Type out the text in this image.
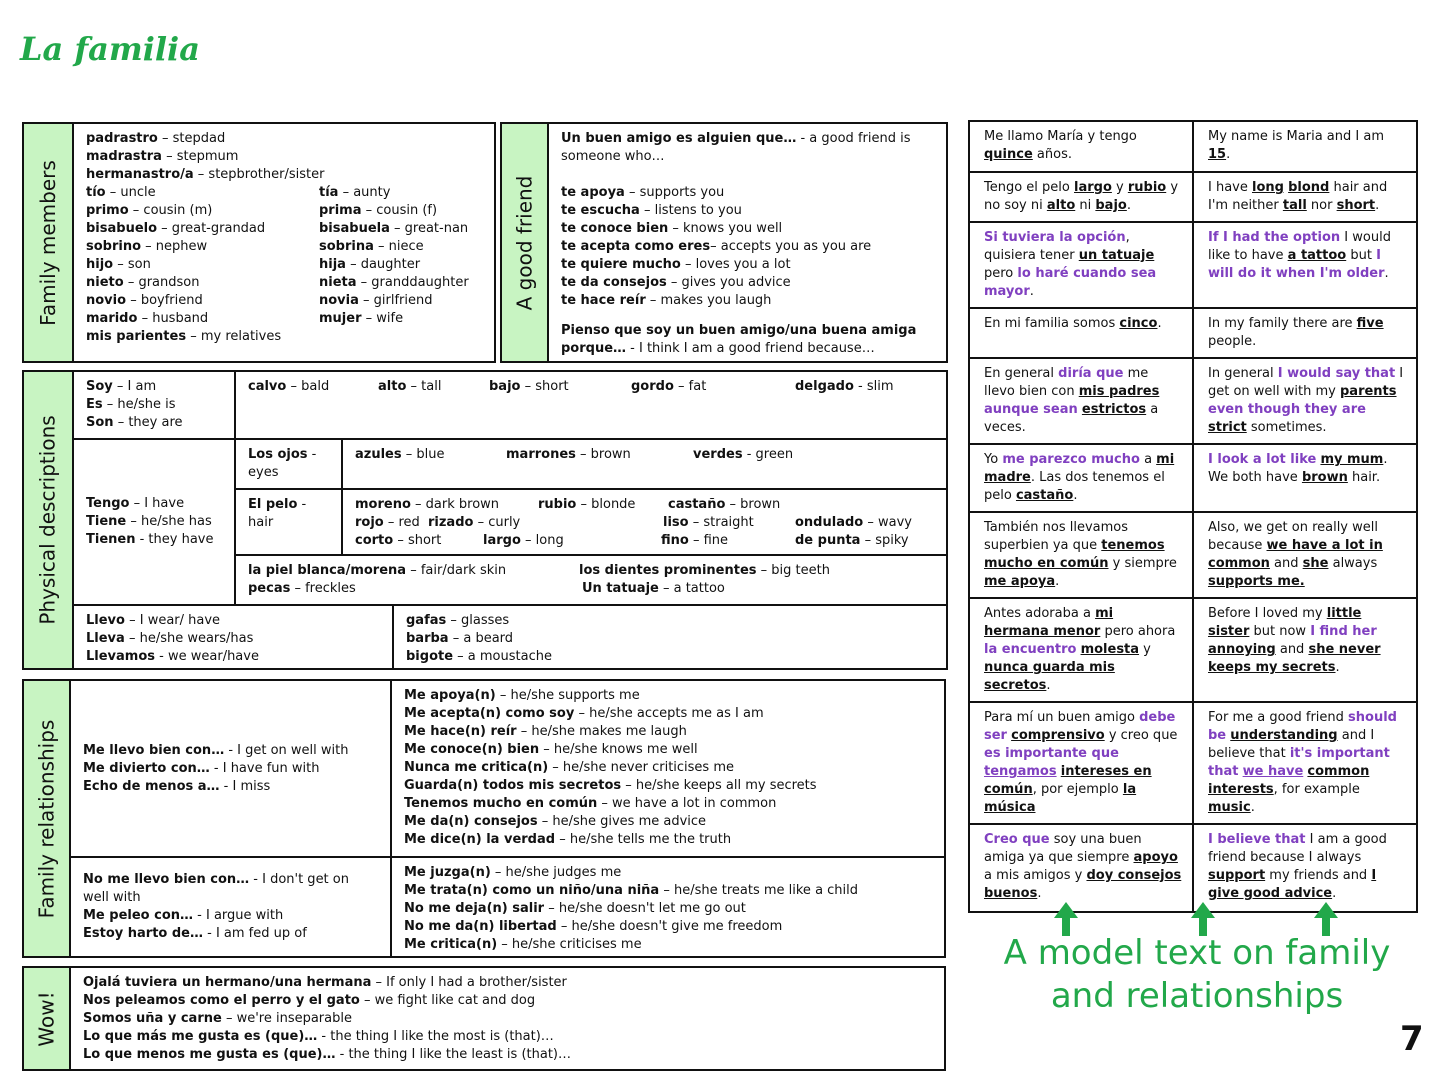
La familia
Family members
padrastro – stepdad
madrastra – stepmum
hermanastro/a – stepbrother/sister
tío – uncle	tía – aunty
primo – cousin (m)	prima – cousin (f)
bisabuelo – great-grandad	bisabuela – great-nan
sobrino – nephew	sobrina – niece
hijo – son	hija – daughter
nieto – grandson	nieta – granddaughter
novio – boyfriend	novia – girlfriend
marido – husband	mujer – wife
mis parientes – my relatives
A good friend
Un buen amigo es alguien que… - a good friend is someone who…
te apoya – supports you
te escucha – listens to you
te conoce bien – knows you well
te acepta como eres– accepts you as you are
te quiere mucho – loves you a lot
te da consejos – gives you advice
te hace reír – makes you laugh
Pienso que soy un buen amigo/una buena amiga porque… - I think I am a good friend because…
Physical descriptions
Soy – I am
Es – he/she is
Son – they are
calvo – bald	alto – tall	bajo – short	gordo – fat	delgado - slim
Tengo – I have
Tiene – he/she has
Tienen - they have
Los ojos - eyes
azules – blue	marrones – brown	verdes - green
El pelo - hair
moreno – dark brown	rubio – blonde	castaño – brown
rojo – red rizado – curly	liso – straight	ondulado – wavy
corto – short	largo – long	fino – fine	de punta – spiky
la piel blanca/morena – fair/dark skin	los dientes prominentes – big teeth
pecas – freckles	Un tatuaje – a tattoo
Llevo – I wear/ have
Lleva – he/she wears/has
Llevamos - we wear/have
gafas – glasses
barba – a beard
bigote – a moustache
Family relationships Me llevo bien con… - I get on well with
Me divierto con… - I have fun with
Echo de menos a… - I miss
Me apoya(n) – he/she supports me
Me acepta(n) como soy – he/she accepts me as I am
Me hace(n) reír – he/she makes me laugh
Me conoce(n) bien – he/she knows me well
Nunca me critica(n) – he/she never criticises me
Guarda(n) todos mis secretos – he/she keeps all my secrets
Tenemos mucho en común – we have a lot in common
Me da(n) consejos – he/she gives me advice
Me dice(n) la verdad – he/she tells me the truth
No me llevo bien con… - I don't get on well with
Me peleo con… - I argue with
Estoy harto de… - I am fed up of
Me juzga(n) – he/she judges me
Me trata(n) como un niño/una niña – he/she treats me like a child
No me deja(n) salir – he/she doesn't let me go out
No me da(n) libertad – he/she doesn't give me freedom
Me critica(n) – he/she criticises me
Wow!
Ojalá tuviera un hermano/una hermana – If only I had a brother/sister
Nos peleamos como el perro y el gato – we fight like cat and dog
Somos uña y carne – we're inseparable
Lo que más me gusta es (que)… - the thing I like the most is (that)…
Lo que menos me gusta es (que)… - the thing I like the least is (that)…
Me llamo María y tengo quince años.	My name is Maria and I am 15.
Tengo el pelo largo y rubio y no soy ni alto ni bajo.	I have long blond hair and I'm neither tall nor short.
Si tuviera la opción, quisiera tener un tatuaje pero lo haré cuando sea mayor.	If I had the option I would like to have a tattoo but I will do it when I'm older.
En mi familia somos cinco.	In my family there are five people.
En general diría que me llevo bien con mis padres aunque sean estrictos a veces.	In general I would say that I get on well with my parents even though they are strict sometimes.
Yo me parezco mucho a mi madre. Las dos tenemos el pelo castaño.	I look a lot like my mum. We both have brown hair.
También nos llevamos superbien ya que tenemos mucho en común y siempre me apoya.	Also, we get on really well because we have a lot in common and she always supports me.
Antes adoraba a mi hermana menor pero ahora la encuentro molesta y nunca guarda mis secretos.	Before I loved my little sister but now I find her annoying and she never keeps my secrets.
Para mí un buen amigo debe ser comprensivo y creo que es importante que tengamos intereses en común, por ejemplo la música	For me a good friend should be understanding and I believe that it's important that we have common interests, for example music.
Creo que soy una buen amiga ya que siempre apoyo a mis amigos y doy consejos buenos.	I believe that I am a good friend because I always support my friends and I give good advice.
A model text on family
and relationships
7
